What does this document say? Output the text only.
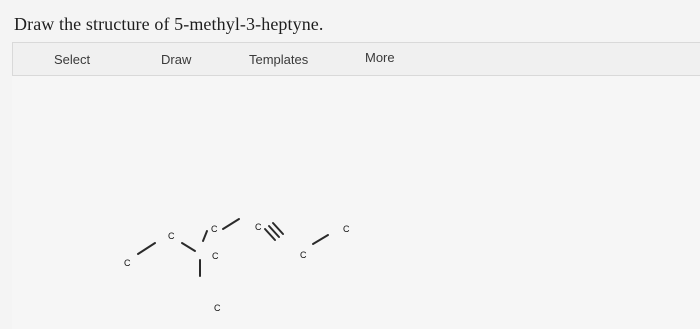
Draw the structure of 5-methyl-3-heptyne.
Select	Draw	Templates	More
C
C
C
C	C
C
C
C
